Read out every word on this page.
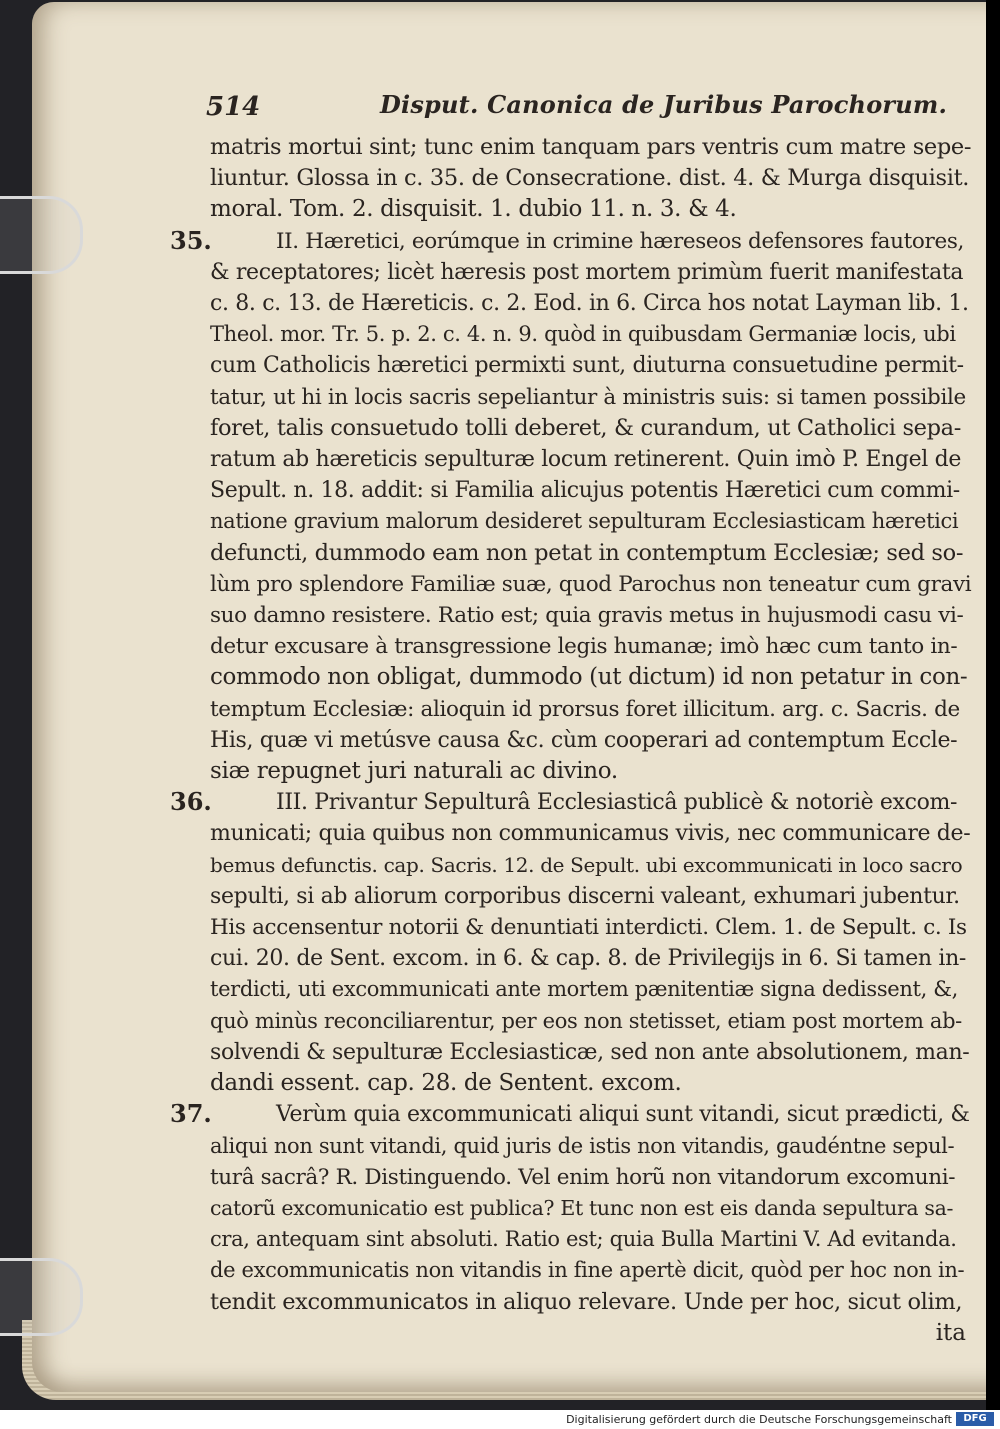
514	Disput. Canonica de Juribus Parochorum.
matris mortui sint; tunc enim tanquam pars ventris cum matre sepe-
liuntur. Glossa in c. 35. de Consecratione. dist. 4. & Murga disquisit.
moral. Tom. 2. disquisit. 1. dubio 11. n. 3. & 4.
35.	II. Hæretici, eorúmque in crimine hæreseos defensores fautores,
& receptatores; licèt hæresis post mortem primùm fuerit manifestata
c. 8. c. 13. de Hæreticis. c. 2. Eod. in 6. Circa hos notat Layman lib. 1.
Theol. mor. Tr. 5. p. 2. c. 4. n. 9. quòd in quibusdam Germaniæ locis, ubi
cum Catholicis hæretici permixti sunt, diuturna consuetudine permit-
tatur, ut hi in locis sacris sepeliantur à ministris suis: si tamen possibile
foret, talis consuetudo tolli deberet, & curandum, ut Catholici sepa-
ratum ab hæreticis sepulturæ locum retinerent. Quin imò P. Engel de
Sepult. n. 18. addit: si Familia alicujus potentis Hæretici cum commi-
natione gravium malorum desideret sepulturam Ecclesiasticam hæretici
defuncti, dummodo eam non petat in contemptum Ecclesiæ; sed so-
lùm pro splendore Familiæ suæ, quod Parochus non teneatur cum gravi
suo damno resistere. Ratio est; quia gravis metus in hujusmodi casu vi-
detur excusare à transgressione legis humanæ; imò hæc cum tanto in-
commodo non obligat, dummodo (ut dictum) id non petatur in con-
temptum Ecclesiæ: alioquin id prorsus foret illicitum. arg. c. Sacris. de
His, quæ vi metúsve causa &c. cùm cooperari ad contemptum Eccle-
siæ repugnet juri naturali ac divino.
36.	III. Privantur Sepulturâ Ecclesiasticâ publicè & notoriè excom-
municati; quia quibus non communicamus vivis, nec communicare de-
bemus defunctis. cap. Sacris. 12. de Sepult. ubi excommunicati in loco sacro
sepulti, si ab aliorum corporibus discerni valeant, exhumari jubentur.
His accensentur notorii & denuntiati interdicti. Clem. 1. de Sepult. c. Is
cui. 20. de Sent. excom. in 6. & cap. 8. de Privilegijs in 6. Si tamen in-
terdicti, uti excommunicati ante mortem pænitentiæ signa dedissent, &,
quò minùs reconciliarentur, per eos non stetisset, etiam post mortem ab-
solvendi & sepulturæ Ecclesiasticæ, sed non ante absolutionem, man-
dandi essent. cap. 28. de Sentent. excom.
37.	Verùm quia excommunicati aliqui sunt vitandi, sicut prædicti, &
aliqui non sunt vitandi, quid juris de istis non vitandis, gaudéntne sepul-
turâ sacrâ? R. Distinguendo. Vel enim horũ non vitandorum excomuni-
catorũ excomunicatio est publica? Et tunc non est eis danda sepultura sa-
cra, antequam sint absoluti. Ratio est; quia Bulla Martini V. Ad evitanda.
de excommunicatis non vitandis in fine apertè dicit, quòd per hoc non in-
tendit excommunicatos in aliquo relevare. Unde per hoc, sicut olim,
ita
Digitalisierung gefördert durch die Deutsche Forschungsgemeinschaft	DFG
